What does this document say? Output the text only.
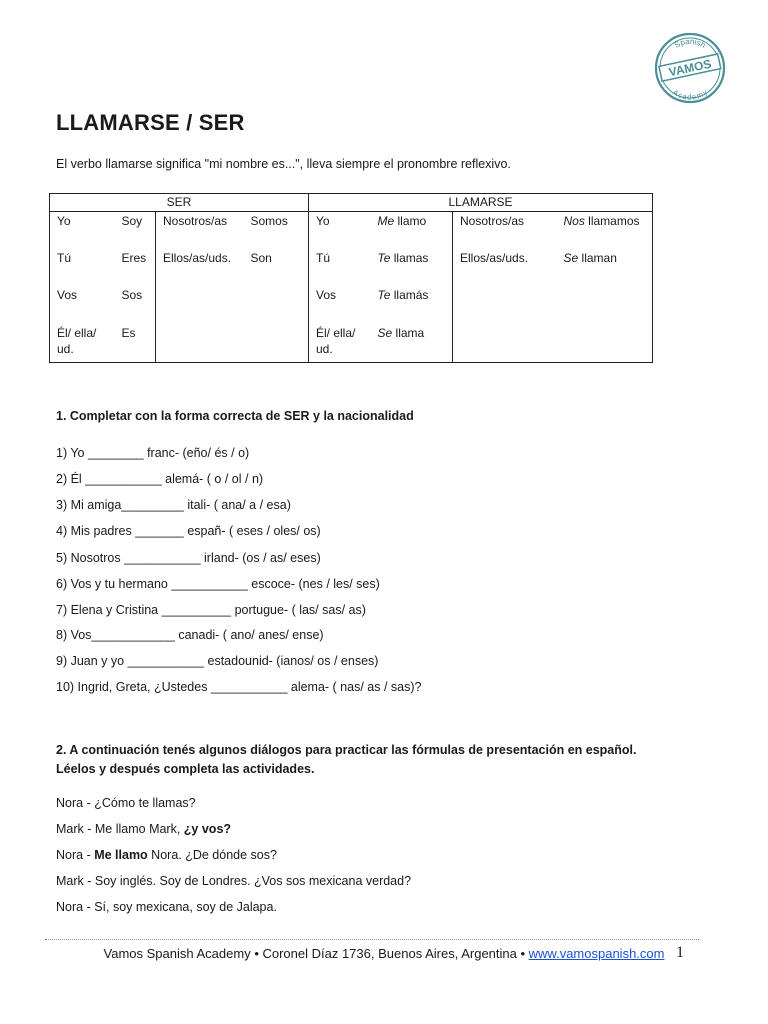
Spanish
Academy
VAMOS
LLAMARSE / SER
El verbo llamarse significa "mi nombre es...", lleva siempre el pronombre reflexivo.
SER				LLAMARSE			
Yo	Soy	Nosotros/as	Somos	Yo	Me llamo	Nosotros/as	Nos llamamos
Tú	Eres	Ellos/as/uds.	Son	Tú	Te llamas	Ellos/as/uds.	Se llaman
Vos	Sos			Vos	Te llamás		
Él/ ella/ ud.	Es			Él/ ella/ ud.	Se llama		
1. Completar con la forma correcta de SER y la nacionalidad
1) Yo ________ franc- (eño/ és / o)
2) Él ___________ alemá- ( o / ol / n)
3) Mi amiga_________ itali- ( ana/ a / esa)
4) Mis padres _______ españ- ( eses / oles/ os)
5) Nosotros ___________ irland- (os / as/ eses)
6) Vos y tu hermano ___________ escoce- (nes / les/ ses)
7) Elena y Cristina __________ portugue- ( las/ sas/ as)
8) Vos____________ canadi- ( ano/ anes/ ense)
9) Juan y yo ___________ estadounid- (ianos/ os / enses)
10) Ingrid, Greta, ¿Ustedes ___________ alema- ( nas/ as / sas)?
2. A continuación tenés algunos diálogos para practicar las fórmulas de presentación en español.
Léelos y después completa las actividades.
Nora - ¿Cómo te llamas?
Mark - Me llamo Mark, ¿y vos?
Nora - Me llamo Nora. ¿De dónde sos?
Mark - Soy inglés. Soy de Londres. ¿Vos sos mexicana verdad?
Nora - Sí, soy mexicana, soy de Jalapa.
Vamos Spanish Academy • Coronel Díaz 1736, Buenos Aires, Argentina • www.vamospanish.com 1
